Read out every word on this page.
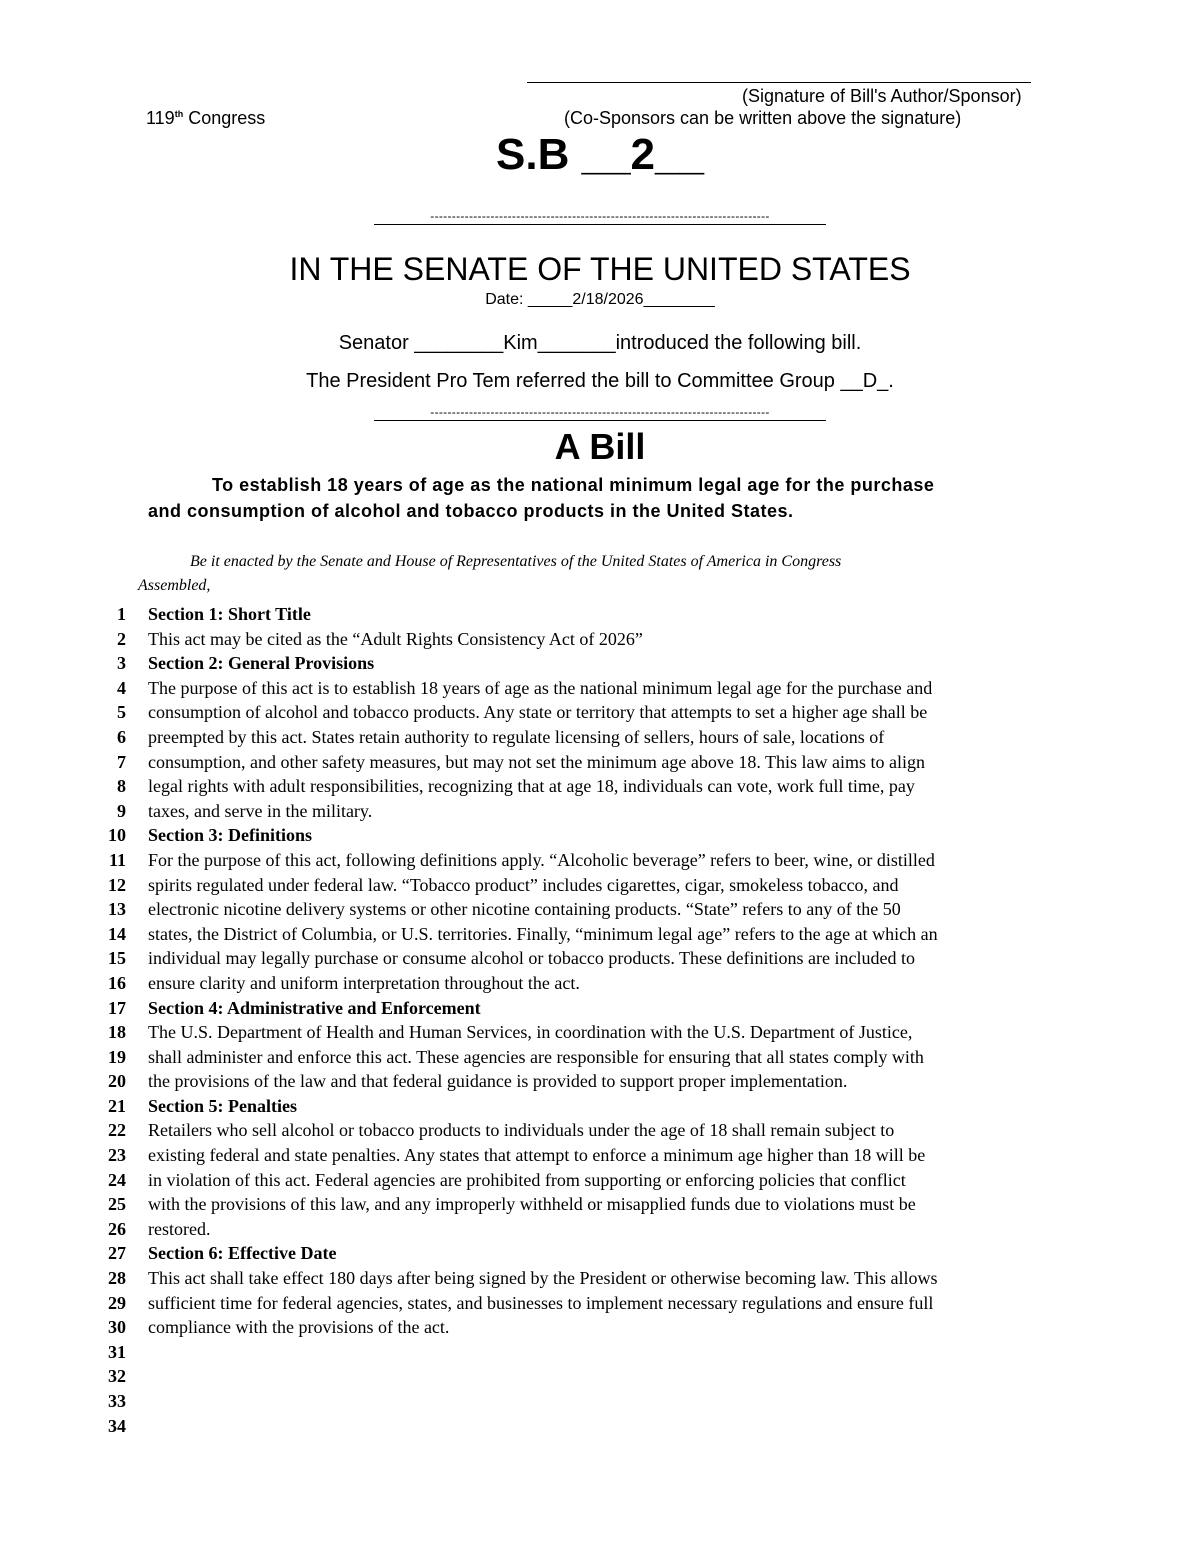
(Signature of Bill's Author/Sponsor)
119th Congress	(Co-Sponsors can be written above the signature)
S.B __2__
-------------------------------------------------------------------------------
IN THE SENATE OF THE UNITED STATES
Date: _____2/18/2026________
Senator ________Kim_______introduced the following bill.
The President Pro Tem referred the bill to Committee Group __D_.
-------------------------------------------------------------------------------
A Bill
To establish 18 years of age as the national minimum legal age for the purchase
and consumption of alcohol and tobacco products in the United States.
Be it enacted by the Senate and House of Representatives of the United States of America in Congress
Assembled,
1 Section 1: Short Title
2 This act may be cited as the “Adult Rights Consistency Act of 2026”
3 Section 2: General Provisions
4 The purpose of this act is to establish 18 years of age as the national minimum legal age for the purchase and
5 consumption of alcohol and tobacco products. Any state or territory that attempts to set a higher age shall be
6 preempted by this act. States retain authority to regulate licensing of sellers, hours of sale, locations of
7 consumption, and other safety measures, but may not set the minimum age above 18. This law aims to align
8 legal rights with adult responsibilities, recognizing that at age 18, individuals can vote, work full time, pay
9 taxes, and serve in the military.
10 Section 3: Definitions
11 For the purpose of this act, following definitions apply. “Alcoholic beverage” refers to beer, wine, or distilled
12 spirits regulated under federal law. “Tobacco product” includes cigarettes, cigar, smokeless tobacco, and
13 electronic nicotine delivery systems or other nicotine containing products. “State” refers to any of the 50
14 states, the District of Columbia, or U.S. territories. Finally, “minimum legal age” refers to the age at which an
15 individual may legally purchase or consume alcohol or tobacco products. These definitions are included to
16 ensure clarity and uniform interpretation throughout the act.
17 Section 4: Administrative and Enforcement
18 The U.S. Department of Health and Human Services, in coordination with the U.S. Department of Justice,
19 shall administer and enforce this act. These agencies are responsible for ensuring that all states comply with
20 the provisions of the law and that federal guidance is provided to support proper implementation.
21 Section 5: Penalties
22 Retailers who sell alcohol or tobacco products to individuals under the age of 18 shall remain subject to
23 existing federal and state penalties. Any states that attempt to enforce a minimum age higher than 18 will be
24 in violation of this act. Federal agencies are prohibited from supporting or enforcing policies that conflict
25 with the provisions of this law, and any improperly withheld or misapplied funds due to violations must be
26 restored.
27 Section 6: Effective Date
28 This act shall take effect 180 days after being signed by the President or otherwise becoming law. This allows
29 sufficient time for federal agencies, states, and businesses to implement necessary regulations and ensure full
30 compliance with the provisions of the act.
31
32
33
34
